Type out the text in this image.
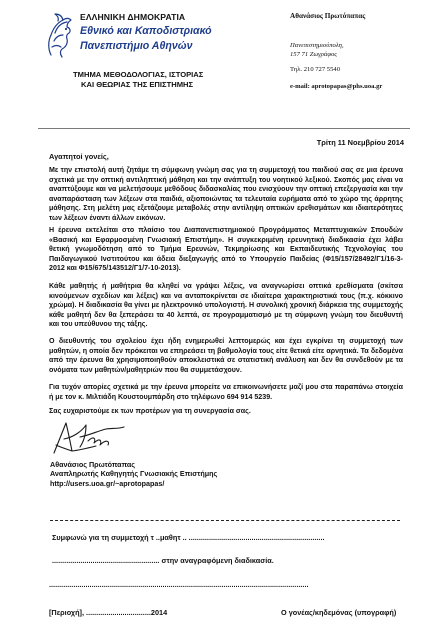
ΕΛΛΗΝΙΚΗ ΔΗΜΟΚΡΑΤΙΑ
Εθνικό και Καποδιστριακό
Πανεπιστήμιο Αθηνών
ΤΜΗΜΑ ΜΕΘΟΔΟΛΟΓΙΑΣ, ΙΣΤΟΡΙΑΣ
ΚΑΙ ΘΕΩΡΙΑΣ ΤΗΣ ΕΠΙΣΤΗΜΗΣ
Αθανάσιος Πρωτόπαπας
Πανεπιστημιούπολη,
157 71 Ζωγράφος
Τηλ. 210 727 5540
e-mail: aprotopapas@phs.uoa.gr
Τρίτη 11 Νοεμβρίου 2014
Αγαπητοί γονείς,
Με την επιστολή αυτή ζητάμε τη σύμφωνη γνώμη σας για τη συμμετοχή του παιδιού σας σε μια έρευνα σχετικά με την οπτική αντιληπτική μάθηση και την ανάπτυξη του νοητικού λεξικού. Σκοπός μας είναι να αναπτύξουμε και να μελετήσουμε μεθόδους διδασκαλίας που ενισχύουν την οπτική επεξεργασία και την αναπαράσταση των λέξεων στα παιδιά, αξιοποιώντας τα τελευταία ευρήματα από το χώρο της άρρητης μάθησης. Στη μελέτη μας εξετάζουμε μεταβολές στην αντίληψη οπτικών ερεθισμάτων και ιδιαιτερότητες των λέξεων έναντι άλλων εικόνων.
Η έρευνα εκτελείται στο πλαίσιο του Διαπανεπιστημιακού Προγράμματος Μεταπτυχιακών Σπουδών «Βασική και Εφαρμοσμένη Γνωσιακή Επιστήμη». Η συγκεκριμένη ερευνητική διαδικασία έχει λάβει θετική γνωμοδότηση από το Τμήμα Ερευνών, Τεκμηρίωσης και Εκπαιδευτικής Τεχνολογίας του Παιδαγωγικού Ινστιτούτου και άδεια διεξαγωγής από το Υπουργείο Παιδείας (Φ15/157/28492/Γ1/16-3-2012 και Φ15/675/143512/Γ1/7-10-2013).
Κάθε μαθητής ή μαθήτρια θα κληθεί να γράψει λέξεις, να αναγνωρίσει οπτικά ερεθίσματα (σκίτσα κινούμενων σχεδίων και λέξεις) και να ανταποκρίνεται σε ιδιαίτερα χαρακτηριστικά τους (π.χ. κόκκινο χρώμα). Η διαδικασία θα γίνει με ηλεκτρονικό υπολογιστή. Η συνολική χρονική διάρκεια της συμμετοχής κάθε μαθητή δεν θα ξεπεράσει τα 40 λεπτά, σε προγραμματισμό με τη σύμφωνη γνώμη του διευθυντή και του υπεύθυνου της τάξης.
Ο διευθυντής του σχολείου έχει ήδη ενημερωθεί λεπτομερώς και έχει εγκρίνει τη συμμετοχή των μαθητών, η οποία δεν πρόκειται να επηρεάσει τη βαθμολογία τους είτε θετικά είτε αρνητικά. Τα δεδομένα από την έρευνα θα χρησιμοποιηθούν αποκλειστικά σε στατιστική ανάλυση και δεν θα συνδεθούν με τα ονόματα των μαθητών/μαθητριών που θα συμμετάσχουν.
Για τυχόν απορίες σχετικά με την έρευνα μπορείτε να επικοινωνήσετε μαζί μου στα παραπάνω στοιχεία ή με τον κ. Μιλτιάδη Κουστουμπάρδη στο τηλέφωνο 694 914 5239.
Σας ευχαριστούμε εκ των προτέρων για τη συνεργασία σας.
Αθανάσιος Πρωτόπαπας
Αναπληρωτής Καθηγητής Γνωσιακής Επιστήμης
http://users.uoa.gr/~aprotopapas/
Συμφωνώ για τη συμμετοχή τ ..μαθητ .. ...................................................................
..................................................... στην αναγραφόμενη διαδικασία.
................................................................................................................................
[Περιοχή], ................................2014	Ο γονέας/κηδεμόνας (υπογραφή)
